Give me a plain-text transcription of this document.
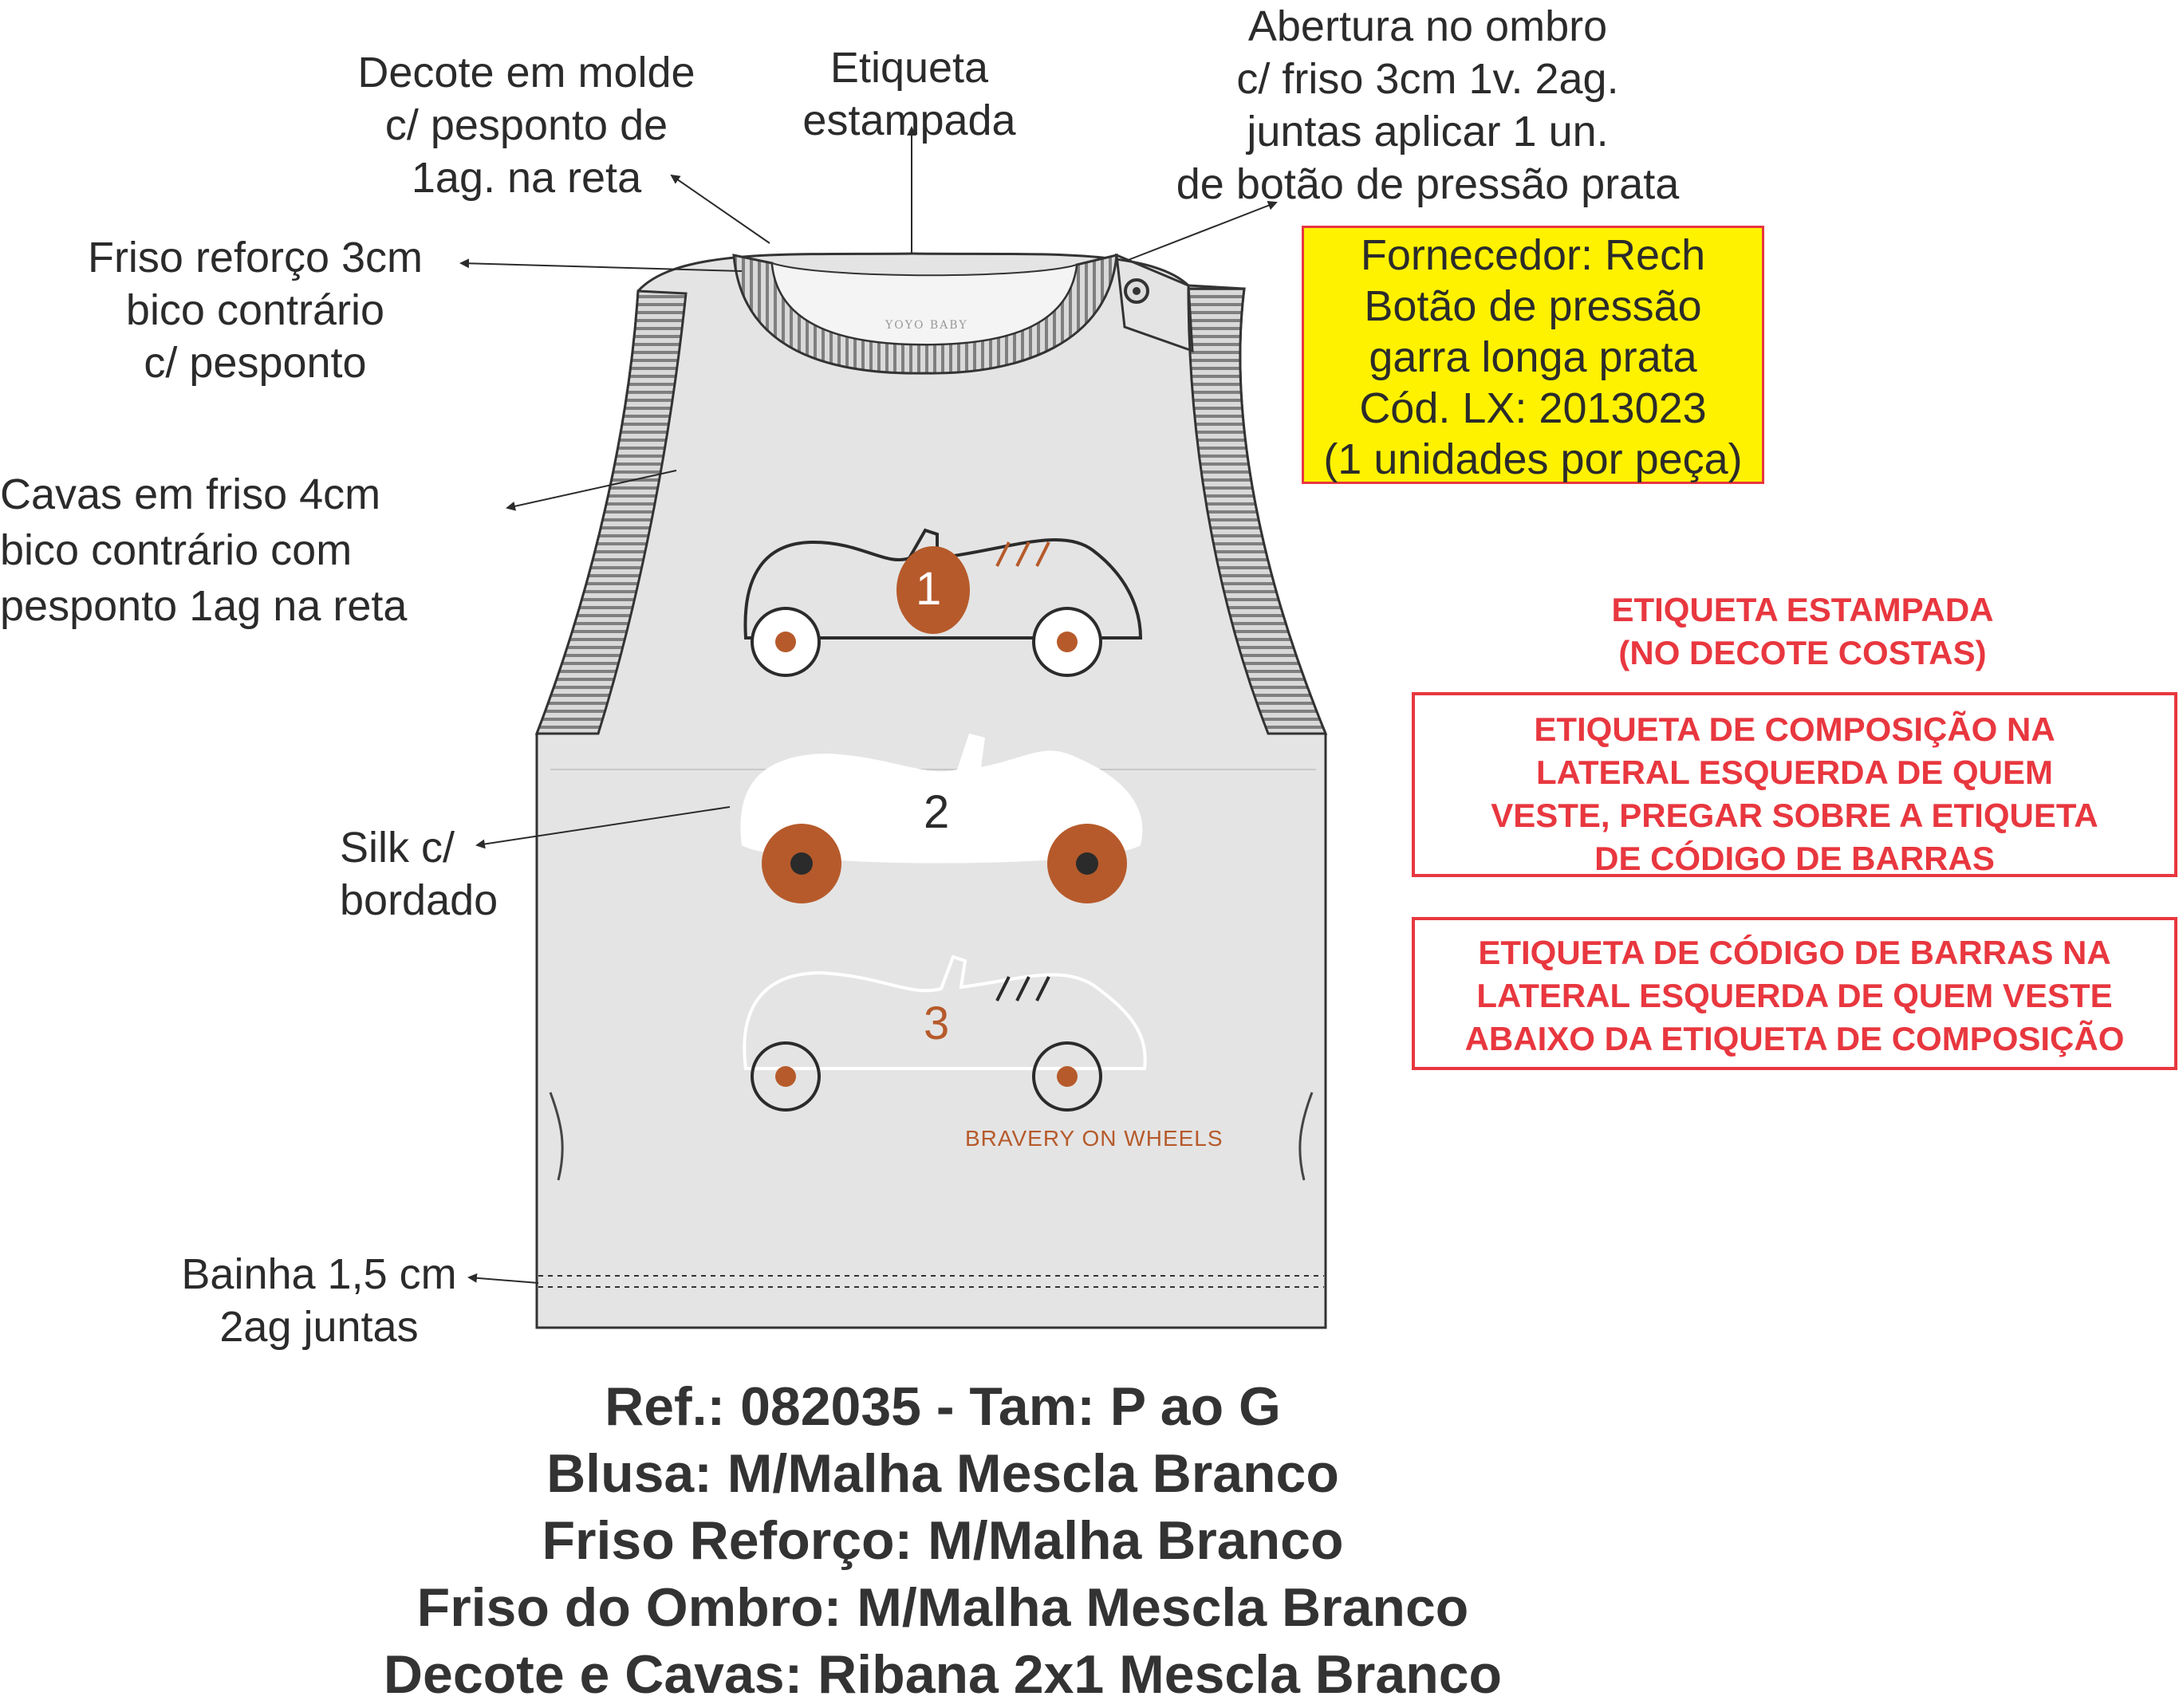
YOYO BABY
1
2
3
BRAVERY ON WHEELS
Decote em molde
c/ pesponto de
1ag. na reta
Etiqueta
estampada
Abertura no ombro
c/ friso 3cm 1v. 2ag.
juntas aplicar 1 un.
de botão de pressão prata
Friso reforço 3cm
bico contrário
c/ pesponto
Cavas em friso 4cm
bico contrário com
pesponto 1ag na reta
Silk c/
bordado
Bainha 1,5 cm
2ag juntas
Fornecedor: Rech
Botão de pressão
garra longa prata
Cód. LX: 2013023
(1 unidades por peça)
ETIQUETA ESTAMPADA
(NO DECOTE COSTAS)
ETIQUETA DE COMPOSIÇÃO NA
LATERAL ESQUERDA DE QUEM
VESTE, PREGAR SOBRE A ETIQUETA
DE CÓDIGO DE BARRAS
ETIQUETA DE CÓDIGO DE BARRAS NA
LATERAL ESQUERDA DE QUEM VESTE
ABAIXO DA ETIQUETA DE COMPOSIÇÃO
Ref.: 082035 - Tam: P ao G
Blusa: M/Malha Mescla Branco
Friso Reforço: M/Malha Branco
Friso do Ombro: M/Malha Mescla Branco
Decote e Cavas: Ribana 2x1 Mescla Branco
